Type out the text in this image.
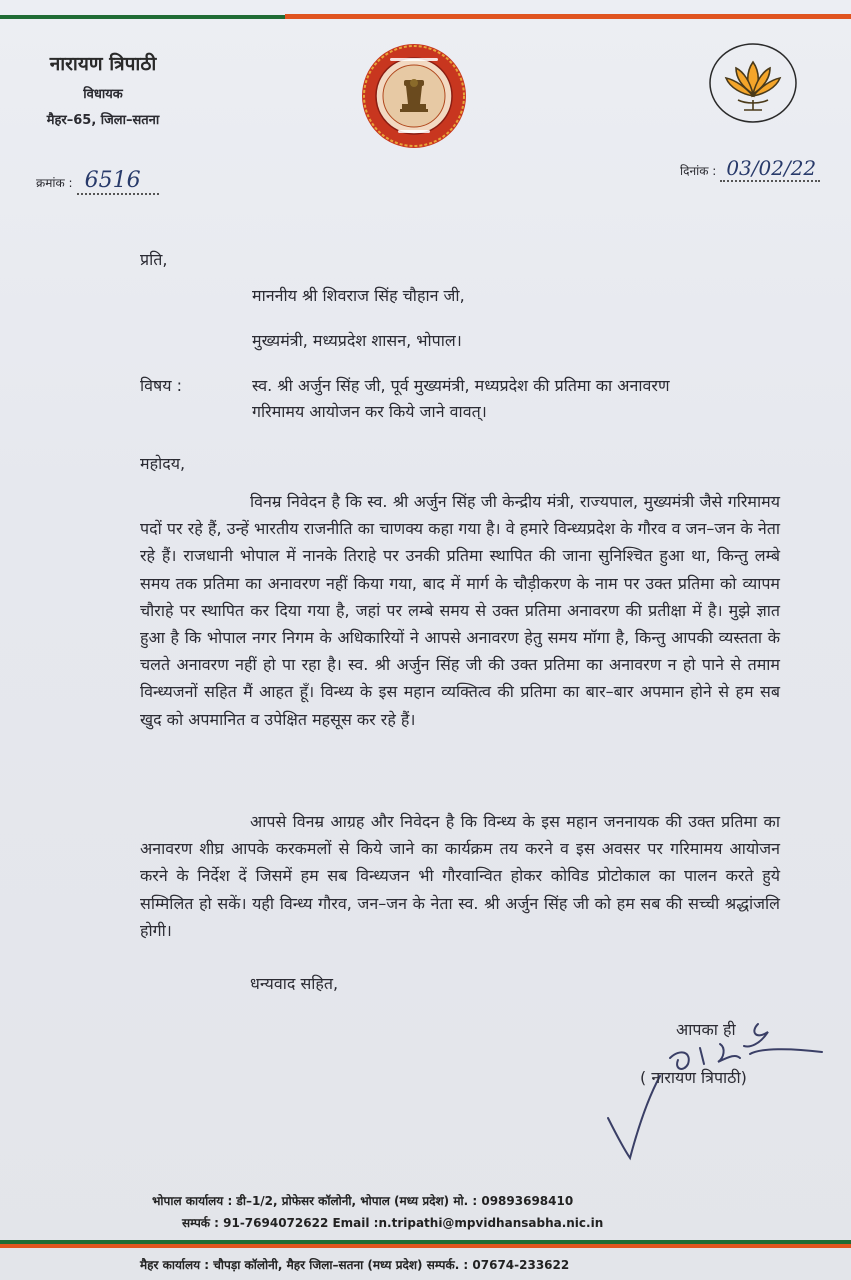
नारायण त्रिपाठी
विधायक
मैहर–65, जिला–सतना
क्रमांक : 6516	दिनांक : 03/02/22
प्रति,
माननीय श्री शिवराज सिंह चौहान जी,
मुख्यमंत्री, मध्यप्रदेश शासन, भोपाल।
विषय :	स्व. श्री अर्जुन सिंह जी, पूर्व मुख्यमंत्री, मध्यप्रदेश की प्रतिमा का अनावरण
गरिमामय आयोजन कर किये जाने वावत्।
महोदय,
विनम्र निवेदन है कि स्व. श्री अर्जुन सिंह जी केन्द्रीय मंत्री, राज्यपाल, मुख्यमंत्री जैसे गरिमामय पदों पर रहे हैं, उन्हें भारतीय राजनीति का चाणक्य कहा गया है। वे हमारे विन्ध्यप्रदेश के गौरव व जन–जन के नेता रहे हैं। राजधानी भोपाल में नानके तिराहे पर उनकी प्रतिमा स्थापित की जाना सुनिश्चित हुआ था, किन्तु लम्बे समय तक प्रतिमा का अनावरण नहीं किया गया, बाद में मार्ग के चौड़ीकरण के नाम पर उक्त प्रतिमा को व्यापम चौराहे पर स्थापित कर दिया गया है, जहां पर लम्बे समय से उक्त प्रतिमा अनावरण की प्रतीक्षा में है। मुझे ज्ञात हुआ है कि भोपाल नगर निगम के अधिकारियों ने आपसे अनावरण हेतु समय मॉगा है, किन्तु आपकी व्यस्तता के चलते अनावरण नहीं हो पा रहा है। स्व. श्री अर्जुन सिंह जी की उक्त प्रतिमा का अनावरण न हो पाने से तमाम विन्ध्यजनों सहित मैं आहत हूँ। विन्ध्य के इस महान व्यक्तित्व की प्रतिमा का बार–बार अपमान होने से हम सब खुद को अपमानित व उपेक्षित महसूस कर रहे हैं।
आपसे विनम्र आग्रह और निवेदन है कि विन्ध्य के इस महान जननायक की उक्त प्रतिमा का अनावरण शीघ्र आपके करकमलों से किये जाने का कार्यक्रम तय करने व इस अवसर पर गरिमामय आयोजन करने के निर्देश दें जिसमें हम सब विन्ध्यजन भी गौरवान्वित होकर कोविड प्रोटोकाल का पालन करते हुये सम्मिलित हो सकें। यही विन्ध्य गौरव, जन–जन के नेता स्व. श्री अर्जुन सिंह जी को हम सब की सच्ची श्रद्धांजलि होगी।
धन्यवाद सहित,
आपका ही
( नारायण त्रिपाठी)
भोपाल कार्यालय : डी–1/2, प्रोफेसर कॉलोनी, भोपाल (मध्य प्रदेश) मो. : 09893698410
सम्पर्क : 91-7694072622 Email :n.tripathi@mpvidhansabha.nic.in
मैहर कार्यालय : चौपड़ा कॉलोनी, मैहर जिला–सतना (मध्य प्रदेश) सम्पर्क. : 07674-233622
